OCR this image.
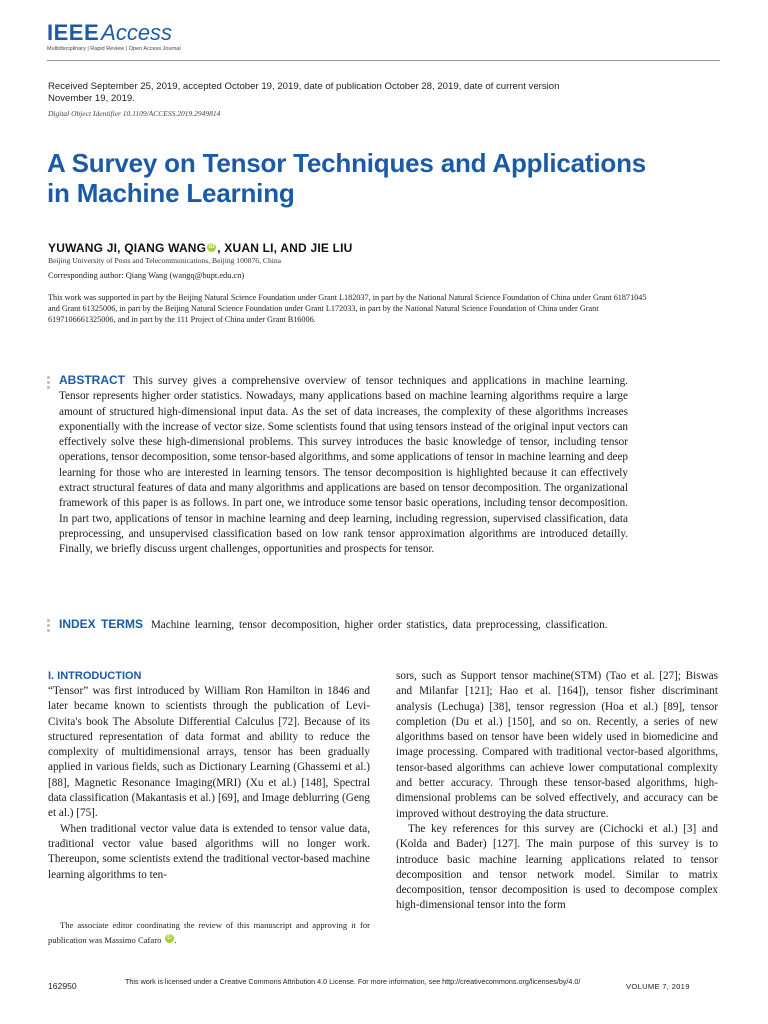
IEEEAccess
Multidisciplinary | Rapid Review | Open Access Journal
Received September 25, 2019, accepted October 19, 2019, date of publication October 28, 2019, date of current version November 19, 2019.
Digital Object Identifier 10.1109/ACCESS.2019.2949814
A Survey on Tensor Techniques and Applications
in Machine Learning
YUWANG JI, QIANG WANG iD , XUAN LI, AND JIE LIU
Beijing University of Posts and Telecommunications, Beijing 100876, China
Corresponding author: Qiang Wang (wangq@bupt.edu.cn)
This work was supported in part by the Beijing Natural Science Foundation under Grant L182037, in part by the National Natural Science Foundation of China under Grant 61871045 and Grant 61325006, in part by the Beijing Natural Science Foundation under Grant L172033, in part by the National Natural Science Foundation of China under Grant 6197106661325006, and in part by the 111 Project of China under Grant B16006.
ABSTRACT This survey gives a comprehensive overview of tensor techniques and applications in machine learning. Tensor represents higher order statistics. Nowadays, many applications based on machine learning algorithms require a large amount of structured high-dimensional input data. As the set of data increases, the complexity of these algorithms increases exponentially with the increase of vector size. Some scientists found that using tensors instead of the original input vectors can effectively solve these high-dimensional problems. This survey introduces the basic knowledge of tensor, including tensor operations, tensor decomposition, some tensor-based algorithms, and some applications of tensor in machine learning and deep learning for those who are interested in learning tensors. The tensor decomposition is highlighted because it can effectively extract structural features of data and many algorithms and applications are based on tensor decomposition. The organizational framework of this paper is as follows. In part one, we introduce some tensor basic operations, including tensor decomposition. In part two, applications of tensor in machine learning and deep learning, including regression, supervised classification, data preprocessing, and unsupervised classification based on low rank tensor approximation algorithms are introduced detailly. Finally, we briefly discuss urgent challenges, opportunities and prospects for tensor.
INDEX TERMS Machine learning, tensor decomposition, higher order statistics, data preprocessing, classification.
I. INTRODUCTION

“Tensor” was first introduced by William Ron Hamilton in 1846 and later became known to scientists through the publication of Levi-Civita's book The Absolute Differential Calculus [72]. Because of its structured representation of data format and ability to reduce the complexity of multidimensional arrays, tensor has been gradually applied in various fields, such as Dictionary Learning (Ghassemi et al.) [88], Magnetic Resonance Imaging(MRI) (Xu et al.) [148], Spectral data classification (Makantasis et al.) [69], and Image deblurring (Geng et al.) [75].

When traditional vector value data is extended to tensor value data, traditional vector value based algorithms will no longer work. Thereupon, some scientists extend the traditional vector-based machine learning algorithms to ten-

The associate editor coordinating the review of this manuscript and approving it for publication was Massimo Cafaro iD .

sors, such as Support tensor machine(STM) (Tao et al. [27]; Biswas and Milanfar [121]; Hao et al. [164]), tensor fisher discriminant analysis (Lechuga) [38], tensor regression (Hoa et al.) [89], tensor completion (Du et al.) [150], and so on. Recently, a series of new algorithms based on tensor have been widely used in biomedicine and image processing. Compared with traditional vector-based algorithms, tensor-based algorithms can achieve lower computational complexity and better accuracy. Through these tensor-based algorithms, high-dimensional problems can be solved effectively, and accuracy can be improved without destroying the data structure.

The key references for this survey are (Cichocki et al.) [3] and (Kolda and Bader) [127]. The main purpose of this survey is to introduce basic machine learning applications related to tensor decomposition and tensor network model. Similar to matrix decomposition, tensor decomposition is used to decompose complex high-dimensional tensor into the form

162950	This work is licensed under a Creative Commons Attribution 4.0 License. For more information, see http://creativecommons.org/licenses/by/4.0/
VOLUME 7, 2019
